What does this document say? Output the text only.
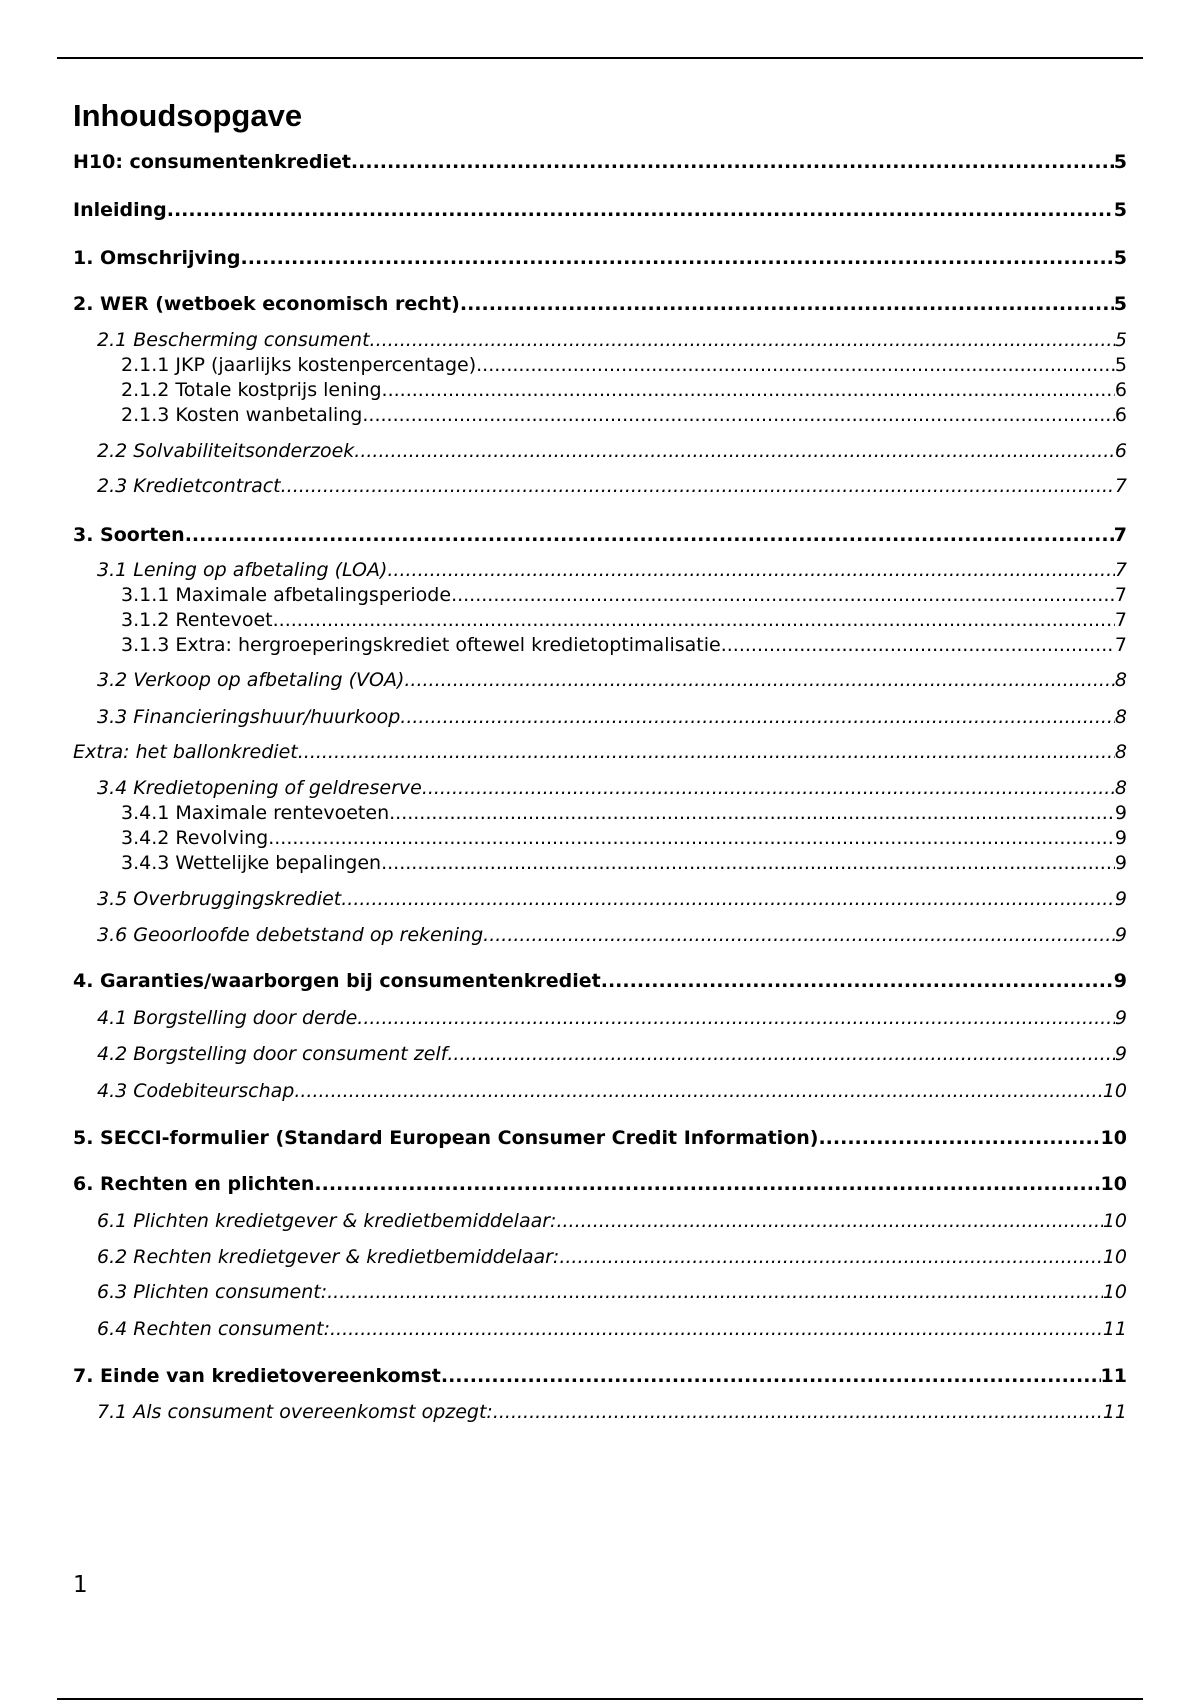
Inhoudsopgave
H10: consumentenkrediet .....	5
Inleiding .....	5
1. Omschrijving .....	5
2. WER (wetboek economisch recht) .....	5
2.1 Bescherming consument .....	5
2.1.1 JKP (jaarlijks kostenpercentage) .....	5
2.1.2 Totale kostprijs lening .....	6
2.1.3 Kosten wanbetaling .....	6
2.2 Solvabiliteitsonderzoek .....	6
2.3 Kredietcontract .....	7
3. Soorten .....	7
3.1 Lening op afbetaling (LOA) .....	7
3.1.1 Maximale afbetalingsperiode .....	7
3.1.2 Rentevoet .....	7
3.1.3 Extra: hergroeperingskrediet oftewel kredietoptimalisatie .....	7
3.2 Verkoop op afbetaling (VOA) .....	8
3.3 Financieringshuur/huurkoop .....	8
Extra: het ballonkrediet .....	8
3.4 Kredietopening of geldreserve .....	8
3.4.1 Maximale rentevoeten .....	9
3.4.2 Revolving .....	9
3.4.3 Wettelijke bepalingen .....	9
3.5 Overbruggingskrediet .....	9
3.6 Geoorloofde debetstand op rekening .....	9
4. Garanties/waarborgen bij consumentenkrediet .....	9
4.1 Borgstelling door derde .....	9
4.2 Borgstelling door consument zelf .....	9
4.3 Codebiteurschap .....	10
5. SECCI-formulier (Standard European Consumer Credit Information) .....	10
6. Rechten en plichten .....	10
6.1 Plichten kredietgever & kredietbemiddelaar: .....	10
6.2 Rechten kredietgever & kredietbemiddelaar: .....	10
6.3 Plichten consument: .....	10
6.4 Rechten consument: .....	11
7. Einde van kredietovereenkomst .....	11
7.1 Als consument overeenkomst opzegt: .....	11
1
